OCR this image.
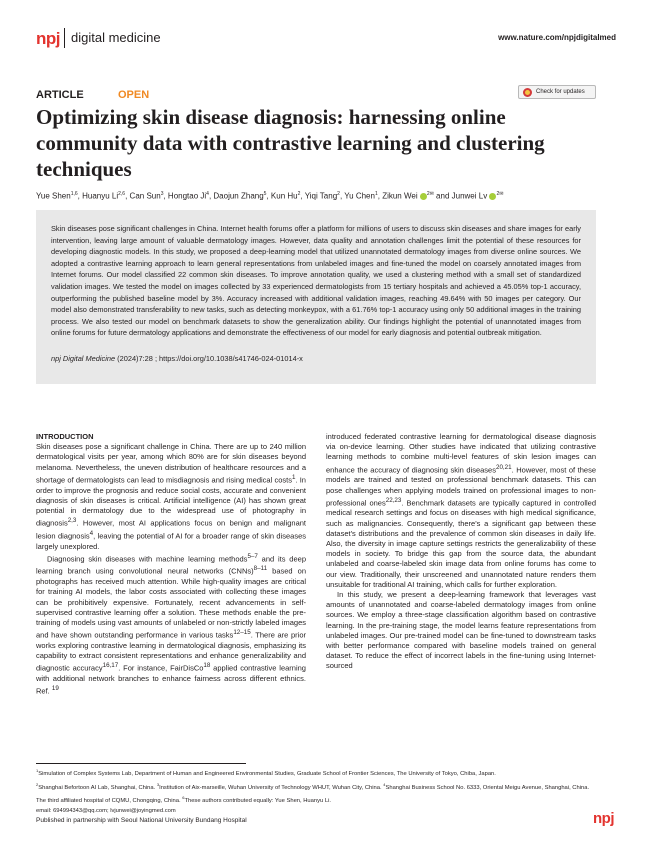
npj digital medicine	www.nature.com/npjdigitalmed
ARTICLE	OPEN	Check for updates
Optimizing skin disease diagnosis: harnessing online community data with contrastive learning and clustering techniques
Yue Shen$^{1,6}$, Huanyu Li$^{2,6}$, Can Sun$^3$, Hongtao Ji$^4$, Daojun Zhang$^5$, Kun Hu$^2$, Yiqi Tang$^2$, Yu Chen$^1$, Zikun Wei $^{2✉}$ and Junwei Lv $^{2✉}$

Skin diseases pose significant challenges in China. Internet health forums offer a platform for millions of users to discuss skin diseases and share images for early intervention, leaving large amount of valuable dermatology images. However, data quality and annotation challenges limit the potential of these resources for developing diagnostic models. In this study, we proposed a deep-learning model that utilized unannotated dermatology images from diverse online sources. We adopted a contrastive learning approach to learn general representations from unlabeled images and fine-tuned the model on coarsely annotated images from Internet forums. Our model classified 22 common skin diseases. To improve annotation quality, we used a clustering method with a small set of standardized validation images. We tested the model on images collected by 33 experienced dermatologists from 15 tertiary hospitals and achieved a 45.05% top-1 accuracy, outperforming the published baseline model by 3%. Accuracy increased with additional validation images, reaching 49.64% with 50 images per category. Our model also demonstrated transferability to new tasks, such as detecting monkeypox, with a 61.76% top-1 accuracy using only 50 additional images in the training process. We also tested our model on benchmark datasets to show the generalization ability. Our findings highlight the potential of unannotated images from online forums for future dermatology applications and demonstrate the effectiveness of our model for early diagnosis and potential outbreak mitigation.

npj Digital Medicine (2024)7:28 ; https://doi.org/10.1038/s41746-024-01014-x

INTRODUCTION

Skin diseases pose a significant challenge in China. There are up to 240 million dermatological visits per year, among which 80% are for skin diseases beyond melanoma. Nevertheless, the uneven distribution of healthcare resources and a shortage of dermatologists can lead to misdiagnosis and rising medical costs$^1$. In order to improve the prognosis and reduce social costs, accurate and convenient diagnosis of skin diseases is critical. Artificial intelligence (AI) has shown great potential in dermatology due to the widespread use of photography in diagnosis$^{2,3}$. However, most AI applications focus on benign and malignant lesion diagnosis$^4$, leaving the potential of AI for a broader range of skin diseases largely unexplored.

Diagnosing skin diseases with machine learning methods$^{5-7}$ and its deep learning branch using convolutional neural networks (CNNs)$^{8-11}$ based on photographs has received much attention. While high-quality images are critical for training AI models, the labor costs associated with collecting these images can be prohibitively expensive. Fortunately, recent advancements in self-supervised contrastive learning offer a solution. These methods enable the pre-training of models using vast amounts of unlabeled or non-strictly labeled images and have shown outstanding performance in various tasks$^{12-15}$. There are prior works exploring contrastive learning in dermatological diagnosis, emphasizing its capability to extract consistent representations and enhance generalizability and diagnostic accuracy$^{16,17}$. For instance, FairDisCo$^{18}$ applied contrastive learning with additional network branches to enhance fairness across different ethnics. Ref. $^{19}$

introduced federated contrastive learning for dermatological disease diagnosis via on-device learning. Other studies have indicated that utilizing contrastive learning methods to combine multi-level features of skin lesion images can enhance the accuracy of diagnosing skin diseases$^{20,21}$. However, most of these models are trained and tested on professional benchmark datasets. This can pose challenges when applying models trained on professional images to non-professional ones$^{22,23}$. Benchmark datasets are typically captured in controlled medical research settings and focus on diseases with high medical significance, such as malignancies. Consequently, there's a significant gap between these dataset's distributions and the prevalence of common skin diseases in daily life. Also, the diversity in image capture settings restricts the generalizability of these models in society. To bridge this gap from the source data, the abundant unlabeled and coarse-labeled skin image data from online forums has come to our view. Traditionally, their unscreened and unannotated nature renders them unsuitable for traditional AI training, which calls for further exploration.

In this study, we present a deep-learning framework that leverages vast amounts of unannotated and coarse-labeled dermatology images from online sources. We employ a three-stage classification algorithm based on contrastive learning. In the pre-training stage, the model learns feature representations from unlabeled images. Our pre-trained model can be fine-tuned to downstream tasks with better performance compared with baseline models trained on general dataset. To reduce the effect of incorrect labels in the fine-tuning using Internet-sourced

$^1$Simulation of Complex Systems Lab, Department of Human and Engineered Environmental Studies, Graduate School of Frontier Sciences, The University of Tokyo, Chiba, Japan.
$^2$Shanghai Befortoon AI Lab, Shanghai, China. $^3$Institution of Aix-marseille, Wuhan University of Technology WHUT, Wuhan City, China. $^4$Shanghai Business School No. 6333, Oriental Meigu Avenue, Shanghai, China.
The third affiliated hospital of CQMU, Chongqing, China. $^6$These authors contributed equally: Yue Shen, Huanyu Li.
email: 694994343@qq.com; lvjunwei@joyingmed.com
Published in partnership with Seoul National University Bundang Hospital	npj
